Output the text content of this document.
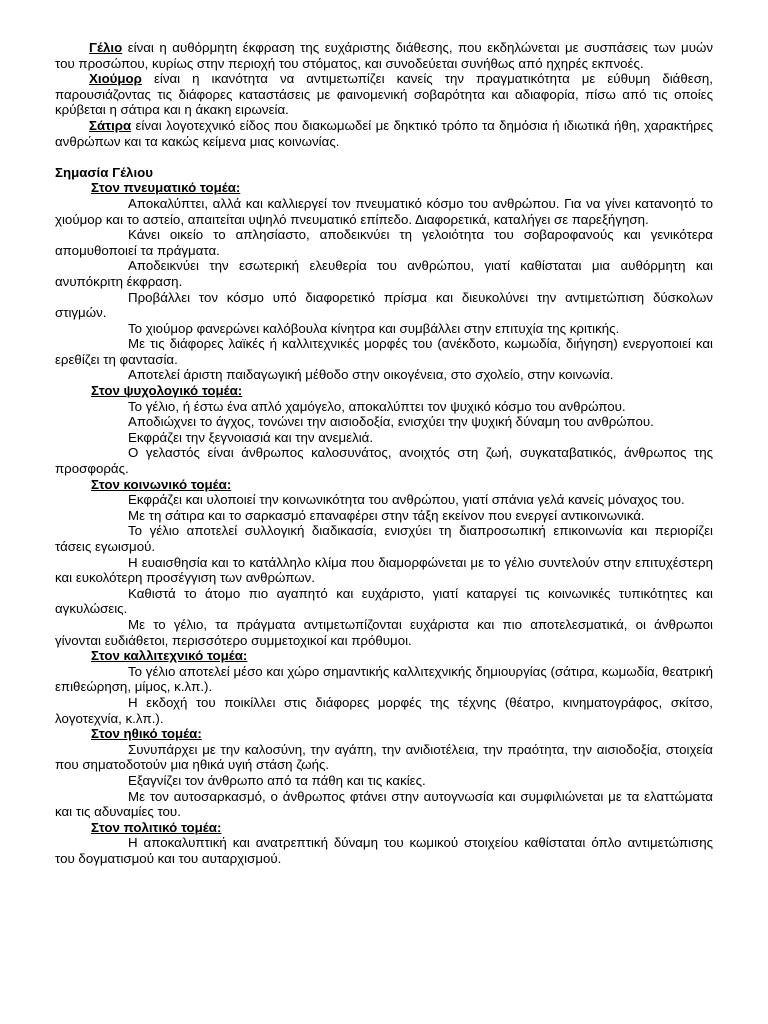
Γέλιο είναι η αυθόρμητη έκφραση της ευχάριστης διάθεσης, που εκδηλώνεται με συσπάσεις των μυών του προσώπου, κυρίως στην περιοχή του στόματος, και συνοδεύεται συνήθως από ηχηρές εκπνοές.

Χιούμορ είναι η ικανότητα να αντιμετωπίζει κανείς την πραγματικότητα με εύθυμη διάθεση, παρουσιάζοντας τις διάφορες καταστάσεις με φαινομενική σοβαρότητα και αδιαφορία, πίσω από τις οποίες κρύβεται η σάτιρα και η άκακη ειρωνεία.

Σάτιρα είναι λογοτεχνικό είδος που διακωμωδεί με δηκτικό τρόπο τα δημόσια ή ιδιωτικά ήθη, χαρακτήρες ανθρώπων και τα κακώς κείμενα μιας κοινωνίας.

Σημασία Γέλιου

Στον πνευματικό τομέα:

Αποκαλύπτει, αλλά και καλλιεργεί τον πνευματικό κόσμο του ανθρώπου. Για να γίνει κατανοητό το χιούμορ και το αστείο, απαιτείται υψηλό πνευματικό επίπεδο. Διαφορετικά, καταλήγει σε παρεξήγηση.

Κάνει οικείο το απλησίαστο, αποδεικνύει τη γελοιότητα του σοβαροφανούς και γενικότερα απομυθοποιεί τα πράγματα.

Αποδεικνύει την εσωτερική ελευθερία του ανθρώπου, γιατί καθίσταται μια αυθόρμητη και ανυπόκριτη έκφραση.

Προβάλλει τον κόσμο υπό διαφορετικό πρίσμα και διευκολύνει την αντιμετώπιση δύσκολων στιγμών.

Το χιούμορ φανερώνει καλόβουλα κίνητρα και συμβάλλει στην επιτυχία της κριτικής.

Με τις διάφορες λαϊκές ή καλλιτεχνικές μορφές του (ανέκδοτο, κωμωδία, διήγηση) ενεργοποιεί και ερεθίζει τη φαντασία.

Αποτελεί άριστη παιδαγωγική μέθοδο στην οικογένεια, στο σχολείο, στην κοινωνία.

Στον ψυχολογικό τομέα:

Το γέλιο, ή έστω ένα απλό χαμόγελο, αποκαλύπτει τον ψυχικό κόσμο του ανθρώπου.

Αποδιώχνει το άγχος, τονώνει την αισιοδοξία, ενισχύει την ψυχική δύναμη του ανθρώπου.

Εκφράζει την ξεγνοιασιά και την ανεμελιά.

Ο γελαστός είναι άνθρωπος καλοσυνάτος, ανοιχτός στη ζωή, συγκαταβατικός, άνθρωπος της προσφοράς.

Στον κοινωνικό τομέα:

Εκφράζει και υλοποιεί την κοινωνικότητα του ανθρώπου, γιατί σπάνια γελά κανείς μόναχος του.

Με τη σάτιρα και το σαρκασμό επαναφέρει στην τάξη εκείνον που ενεργεί αντικοινωνικά.

Το γέλιο αποτελεί συλλογική διαδικασία, ενισχύει τη διαπροσωπική επικοινωνία και περιορίζει τάσεις εγωισμού.

Η ευαισθησία και το κατάλληλο κλίμα που διαμορφώνεται με το γέλιο συντελούν στην επιτυχέστερη και ευκολότερη προσέγγιση των ανθρώπων.

Καθιστά το άτομο πιο αγαπητό και ευχάριστο, γιατί καταργεί τις κοινωνικές τυπικότητες και αγκυλώσεις.

Με το γέλιο, τα πράγματα αντιμετωπίζονται ευχάριστα και πιο αποτελεσματικά, οι άνθρωποι γίνονται ευδιάθετοι, περισσότερο συμμετοχικοί και πρόθυμοι.

Στον καλλιτεχνικό τομέα:

Το γέλιο αποτελεί μέσο και χώρο σημαντικής καλλιτεχνικής δημιουργίας (σάτιρα, κωμωδία, θεατρική επιθεώρηση, μίμος, κ.λπ.).

Η εκδοχή του ποικίλλει στις διάφορες μορφές της τέχνης (θέατρο, κινηματογράφος, σκίτσο, λογοτεχνία, κ.λπ.).

Στον ηθικό τομέα:

Συνυπάρχει με την καλοσύνη, την αγάπη, την ανιδιοτέλεια, την πραότητα, την αισιοδοξία, στοιχεία που σηματοδοτούν μια ηθικά υγιή στάση ζωής.

Εξαγνίζει τον άνθρωπο από τα πάθη και τις κακίες.

Με τον αυτοσαρκασμό, ο άνθρωπος φτάνει στην αυτογνωσία και συμφιλιώνεται με τα ελαττώματα και τις αδυναμίες του.

Στον πολιτικό τομέα:

Η αποκαλυπτική και ανατρεπτική δύναμη του κωμικού στοιχείου καθίσταται όπλο αντιμετώπισης του δογματισμού και του αυταρχισμού.
